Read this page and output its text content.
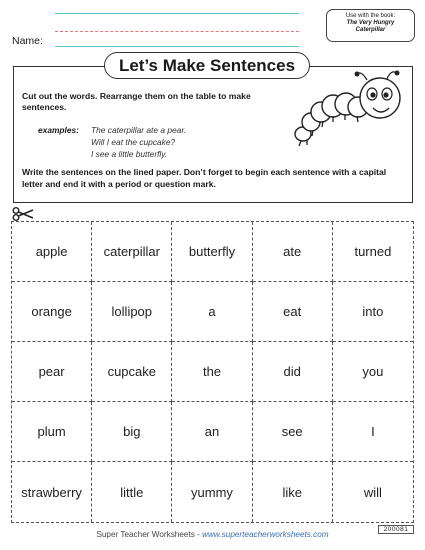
Name:
Use with the book:
The Very Hungry
Caterpillar
Let’s Make Sentences
Cut out the words. Rearrange them on the table to make sentences.
examples: The caterpillar ate a pear.
Will I eat the cupcake?
I see a little butterfly.
Write the sentences on the lined paper. Don’t forget to begin each sentence with a capital letter and end it with a period or question mark.
apple	caterpillar	butterfly	ate	turned
orange	lollipop	a	eat	into
pear	cupcake	the	did	you
plum	big	an	see	I
strawberry	little	yummy	like	will
Super Teacher Worksheets - www.superteacherworksheets.com
200081
